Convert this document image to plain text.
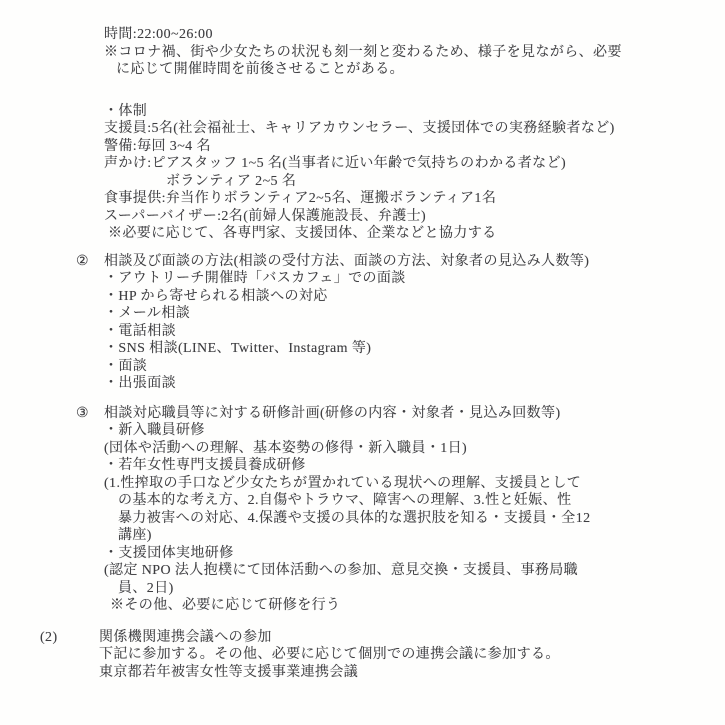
時間:22:00~26:00
※コロナ禍、街や少女たちの状況も刻一刻と変わるため、様子を見ながら、必要
に応じて開催時間を前後させることがある。
・体制
支援員:5名(社会福祉士、キャリアカウンセラー、支援団体での実務経験者など)
警備:毎回 3~4 名
声かけ:ピアスタッフ 1~5 名(当事者に近い年齢で気持ちのわかる者など)
ボランティア 2~5 名
食事提供:弁当作りボランティア2~5名、運搬ボランティア1名
スーパーバイザー:2名(前婦人保護施設長、弁護士)
※必要に応じて、各専門家、支援団体、企業などと協力する
② 相談及び面談の方法(相談の受付方法、面談の方法、対象者の見込み人数等)
・アウトリーチ開催時「バスカフェ」での面談
・HP から寄せられる相談への対応
・メール相談
・電話相談
・SNS 相談(LINE、Twitter、Instagram 等)
・面談
・出張面談
③ 相談対応職員等に対する研修計画(研修の内容・対象者・見込み回数等)
・新入職員研修
(団体や活動への理解、基本姿勢の修得・新入職員・1日)
・若年女性専門支援員養成研修
(1.性搾取の手口など少女たちが置かれている現状への理解、支援員として
の基本的な考え方、2.自傷やトラウマ、障害への理解、3.性と妊娠、性
暴力被害への対応、4.保護や支援の具体的な選択肢を知る・支援員・全12
講座)
・支援団体実地研修
(認定 NPO 法人抱樸にて団体活動への参加、意見交換・支援員、事務局職
員、2日)
※その他、必要に応じて研修を行う
(2)	関係機関連携会議への参加
下記に参加する。その他、必要に応じて個別での連携会議に参加する。
東京都若年被害女性等支援事業連携会議
